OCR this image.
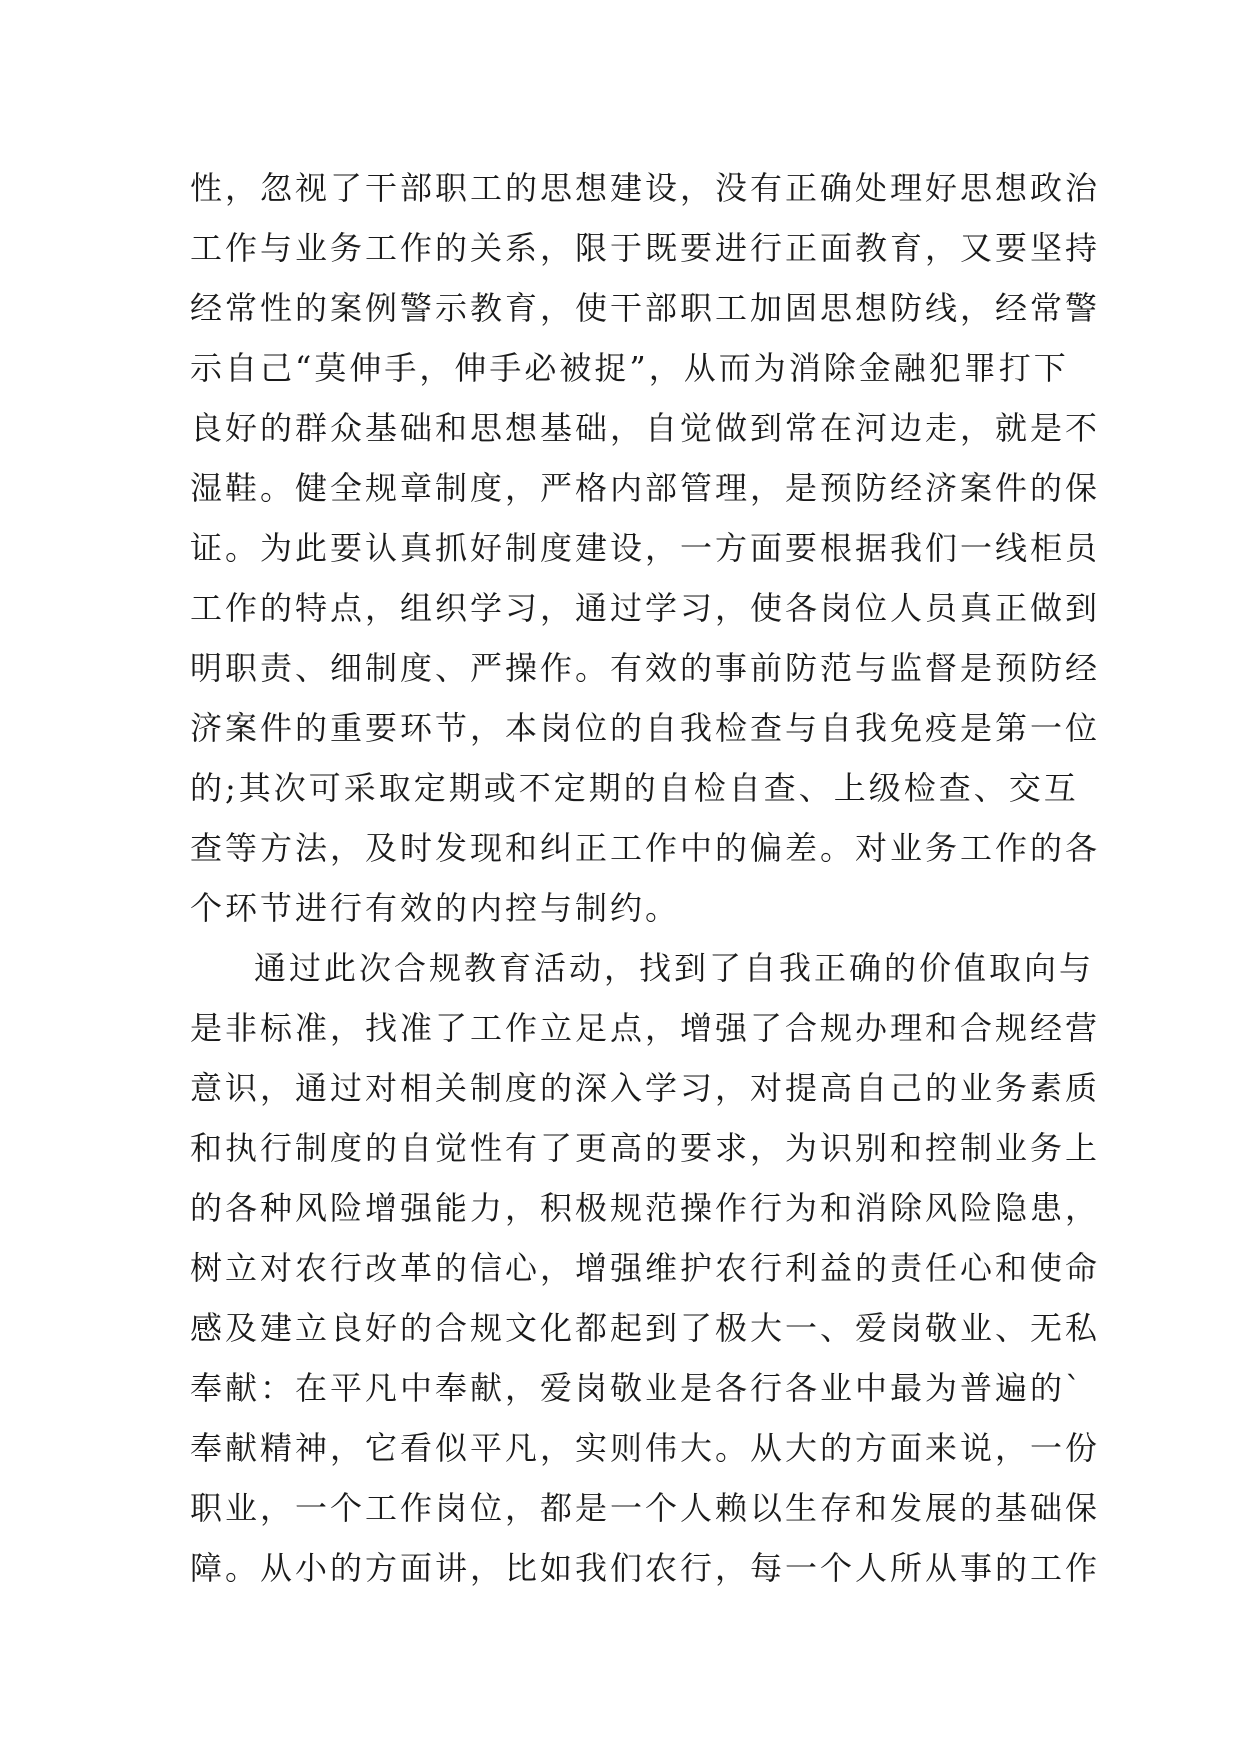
性，忽视了干部职工的思想建设，没有正确处理好思想政治
工作与业务工作的关系，限于既要进行正面教育，又要坚持
经常性的案例警示教育，使干部职工加固思想防线，经常警
示自己“莫伸手，伸手必被捉”，从而为消除金融犯罪打下
良好的群众基础和思想基础，自觉做到常在河边走，就是不
湿鞋。健全规章制度，严格内部管理，是预防经济案件的保
证。为此要认真抓好制度建设，一方面要根据我们一线柜员
工作的特点，组织学习，通过学习，使各岗位人员真正做到
明职责、细制度、严操作。有效的事前防范与监督是预防经
济案件的重要环节，本岗位的自我检查与自我免疫是第一位
的;其次可采取定期或不定期的自检自查、上级检查、交互
查等方法，及时发现和纠正工作中的偏差。对业务工作的各
个环节进行有效的内控与制约。
通过此次合规教育活动，找到了自我正确的价值取向与
是非标准，找准了工作立足点，增强了合规办理和合规经营
意识，通过对相关制度的深入学习，对提高自己的业务素质
和执行制度的自觉性有了更高的要求，为识别和控制业务上
的各种风险增强能力，积极规范操作行为和消除风险隐患，
树立对农行改革的信心，增强维护农行利益的责任心和使命
感及建立良好的合规文化都起到了极大一、爱岗敬业、无私
奉献：在平凡中奉献，爱岗敬业是各行各业中最为普遍的`
奉献精神，它看似平凡，实则伟大。从大的方面来说，一份
职业，一个工作岗位，都是一个人赖以生存和发展的基础保
障。从小的方面讲，比如我们农行，每一个人所从事的工作
